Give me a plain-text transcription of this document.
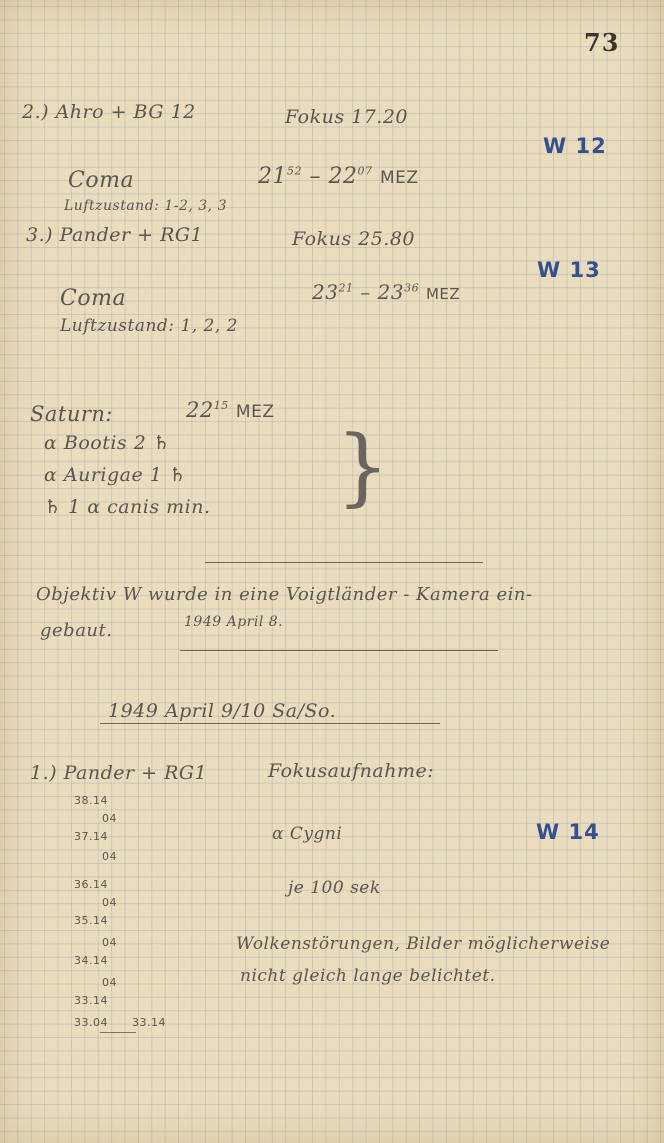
73
2.) Ahro + BG 12	Fokus 17.20
W 12
Coma	$21^{52} - 22^{07}$ MEZ
Luftzustand: 1-2, 3, 3
3.) Pander + RG1	Fokus 25.80
W 13
Coma	$23^{21} - 23^{36}$ MEZ
Luftzustand: 1, 2, 2
Saturn:	$22^{15}$ MEZ
α Bootis 2 ♄
α Aurigae 1 ♄
♄ 1 α canis min. }
Objektiv W wurde in eine Voigtländer - Kamera ein-
gebaut.	1949 April 8.
1949 April 9/10 Sa/So.
1.) Pander + RG1	Fokusaufnahme:
α Cygni	W 14
je 100 sek
Wolkenstörungen, Bilder möglicherweise
nicht gleich lange belichtet.
38.14
04
37.14
04
36.14
04
35.14
04
34.14
04
33.14
33.04 33.14
